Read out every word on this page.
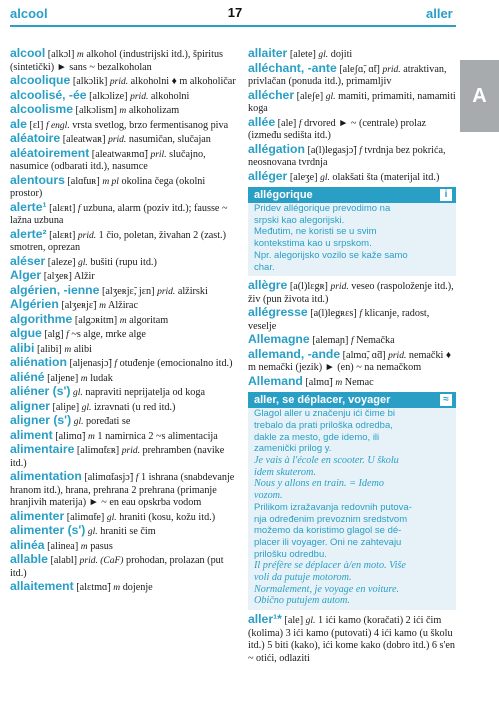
alcool	17	aller
A

alcool [alkɔl] m alkohol (industrijski itd.), špiritus (sintetički) ► sans ~ bezalkoholan

alcoolique [alkɔlik] prid. alkoholni ♦ m alkoholičar

alcoolisé, -ée [alkɔlize] prid. alkoholni

alcoolisme [alkɔlism] m alkoholizam

ale [ɛl] f engl. vrsta svetlog, brzo fermentisanog piva

aléatoire [aleatwaʀ] prid. nasumičan, slučajan

aléatoirement [aleatwaʀmɑ̃] pril. slučajno, nasumice (odbarati itd.), nasumce

alentours [alɑ̃tuʀ] m pl okolina čega (okolni prostor)

alerte¹ [alɛʀt] f uzbuna, alarm (poziv itd.); fausse ~ lažna uzbuna

alerte² [alɛʀt] prid. 1 čio, poletan, živahan 2 (zast.) smotren, oprezan

aléser [aleze] gl. bušiti (rupu itd.)

Alger [alʒeʀ] Alžir

algérien, -ienne [alʒeʀjɛ̃, jɛn] prid. alžirski

Algérien [alʒeʀjɛ̃] m Alžirac

algorithme [algɔʀitm] m algoritam

algue [alg] f ~s alge, mrke alge

alibi [alibi] m alibi

aliénation [aljenasjɔ̃] f otuđenje (emocionalno itd.)

aliéné [aljene] m ludak

aliéner (s') gl. napraviti neprijatelja od koga

aligner [aliɲe] gl. izravnati (u red itd.)

aligner (s') gl. poređati se

aliment [alimɑ̃] m 1 namirnica 2 ~s alimentacija

alimentaire [alimɑ̃tɛʀ] prid. prehramben (navike itd.)

alimentation [alimɑ̃tasjɔ̃] f 1 ishrana (snabdevanje hranom itd.), hrana, prehrana 2 prehrana (primanje hranjivih materija) ► ~ en eau opskrba vodom

alimenter [alimɑ̃te] gl. hraniti (kosu, kožu itd.)

alimenter (s') gl. hraniti se čim

alinéa [alinea] m pasus

allable [alabl] prid. (CaF) prohodan, prolazan (put itd.)

allaitement [alɛtmɑ̃] m dojenje

allaiter [alete] gl. dojiti

alléchant, -ante [aleʃɑ̃, ɑ̃t] prid. atraktivan, privlačan (ponuda itd.), primamljiv

allécher [aleʃe] gl. mamiti, primamiti, namamiti koga

allée [ale] f drvored ► ~ (centrale) prolaz (između sedišta itd.)

allégation [a(l)legasjɔ̃] f tvrdnja bez pokrića, neosnovana tvrdnja

alléger [aleʒe] gl. olakšati šta (materijal itd.)

allégorique	i
Pridev allégorique prevodimo na
srpski kao alegorijski.
Međutim, ne koristi se u svim
kontekstima kao u srpskom.
Npr. alegorijsko vozilo se kaže samo
char.

allègre [a(l)lɛgʀ] prid. veseo (raspoloženje itd.), živ (pun života itd.)

allégresse [a(l)legʀɛs] f klicanje, radost, veselje

Allemagne [alemaɲ] f Nemačka

allemand, -ande [almɑ̃, ɑ̃d] prid. nemački ♦ m nemački (jezik) ► (en) ~ na nemačkom

Allemand [almɑ̃] m Nemac

aller, se déplacer, voyager	≈
Glagol aller u značenju ići čime bi
trebalo da prati priloška odredba,
dakle za mesto, gde idemo, ili
zamenički prilog y.
Je vais à l'école en scooter. U školu
idem skuterom.
Nous y allons en train. = Idemo
vozom.
Prilikom izražavanja redovnih putova-
nja određenim prevoznim sredstvom
možemo da koristimo glagol se dé-
placer ili voyager. Oni ne zahtevaju
prilošku odredbu.
Il préfère se déplacer à/en moto. Više
voli da putuje motorom.
Normalement, je voyage en voiture.
Obično putujem autom.

aller¹* [ale] gl. 1 ići kamo (koračati) 2 ići čim (kolima) 3 ići kamo (putovati) 4 ići kamo (u školu itd.) 5 biti (kako), ići kome kako (dobro itd.) 6 s'en ~ otići, odlaziti
